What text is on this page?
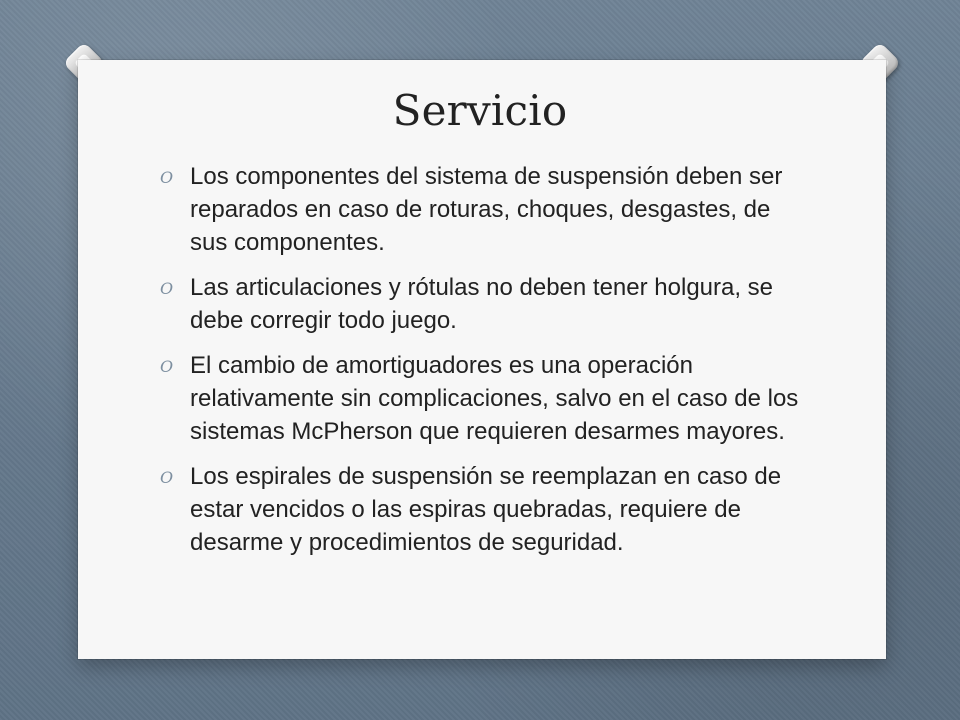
Servicio
O Los componentes del sistema de suspensión deben ser reparados en caso de roturas, choques, desgastes, de sus componentes.
O Las articulaciones y rótulas no deben tener holgura, se debe corregir todo juego.
O El cambio de amortiguadores es una operación relativamente sin complicaciones, salvo en el caso de los sistemas McPherson que requieren desarmes mayores.
O Los espirales de suspensión se reemplazan en caso de estar vencidos o las espiras quebradas, requiere de desarme y procedimientos de seguridad.
